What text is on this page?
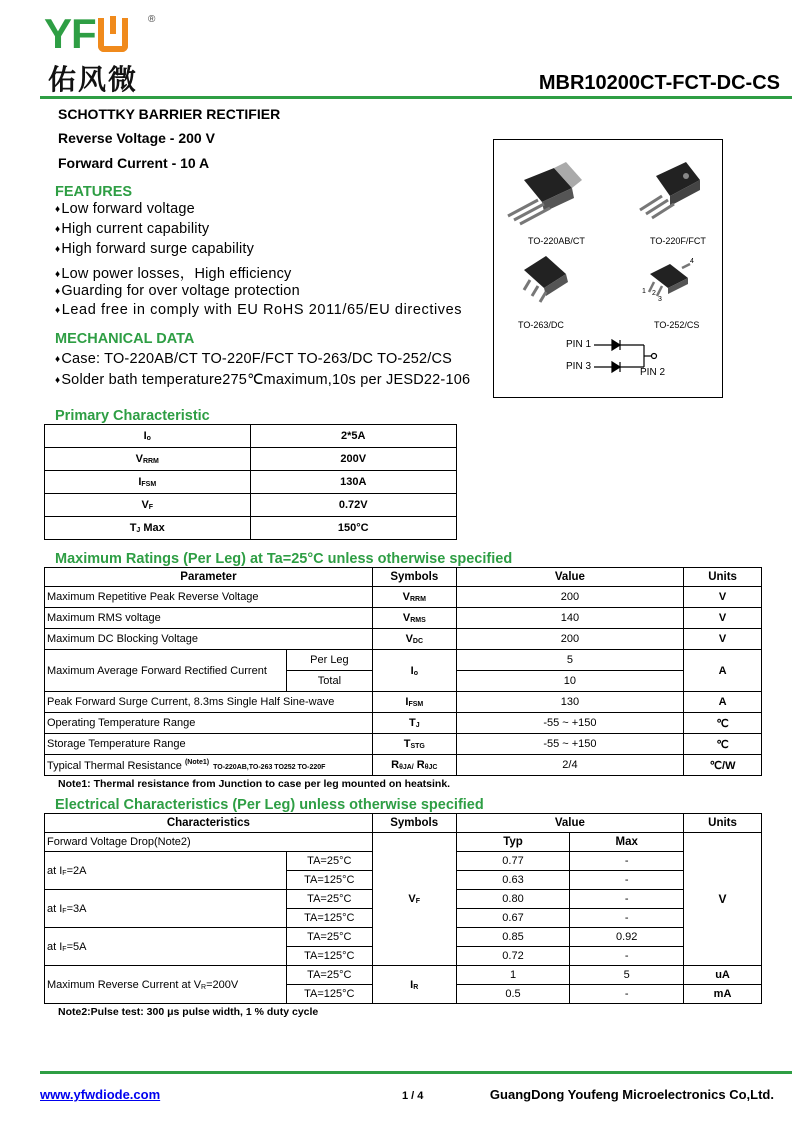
Y F	®
佑风微	MBR10200CT-FCT-DC-CS
SCHOTTKY BARRIER RECTIFIER
Reverse Voltage - 200 V
Forward Current - 10 A
FEATURES
♦Low forward voltage
♦High current capability
♦High forward surge capability
♦Low power losses，High efficiency
♦Guarding for over voltage protection
♦Lead free in comply with EU RoHS 2011/65/EU directives
MECHANICAL DATA
♦Case: TO-220AB/CT TO-220F/FCT TO-263/DC TO-252/CS
♦Solder bath temperature275℃maximum,10s per JESD22-106
TO-220AB/CT	TO-220F/FCT
TO-263/DC	TO-252/CS
4
1 2
3
PIN 1
PIN 3
PIN 2
Primary Characteristic
Io	2*5A
VRRM	200V
IFSM	130A
VF	0.72V
TJ Max	150°C
Maximum Ratings (Per Leg) at Ta=25°C unless otherwise specified
Parameter		Symbols	Value	Units
Maximum Repetitive Peak Reverse Voltage		VRRM	200	V
Maximum RMS voltage		VRMS	140	V
Maximum DC Blocking Voltage		VDC	200	V
Maximum Average Forward Rectified Current	Per Leg	Io	5	A
	Total		10	
Peak Forward Surge Current, 8.3ms Single Half Sine-wave		IFSM	130	A
Operating Temperature Range		TJ	-55 ~ +150	℃
Storage Temperature Range		TSTG	-55 ~ +150	℃
Typical Thermal Resistance $^{(Note1)}$TO-220AB,TO-263 TO252 TO-220F		RθJA/ RθJC	2/4	℃/W
Note1: Thermal resistance from Junction to case per leg mounted on heatsink.
Electrical Characteristics (Per Leg) unless otherwise specified
Characteristics		Symbols	Value		Units
Forward Voltage Drop(Note2)		VF	Typ	Max	V
at IF=2A	TA=25°C		0.77	-	
	TA=125°C		0.63	-	
at IF=3A	TA=25°C		0.80	-	
	TA=125°C		0.67	-	
at IF=5A	TA=25°C		0.85	0.92	
	TA=125°C		0.72	-	
Maximum Reverse Current at VR=200V	TA=25°C	IR	1	5	uA
	TA=125°C		0.5	-	mA
Note2:Pulse test: 300 μs pulse width, 1 % duty cycle
www.yfwdiode.com	1 / 4	GuangDong Youfeng Microelectronics Co,Ltd.
